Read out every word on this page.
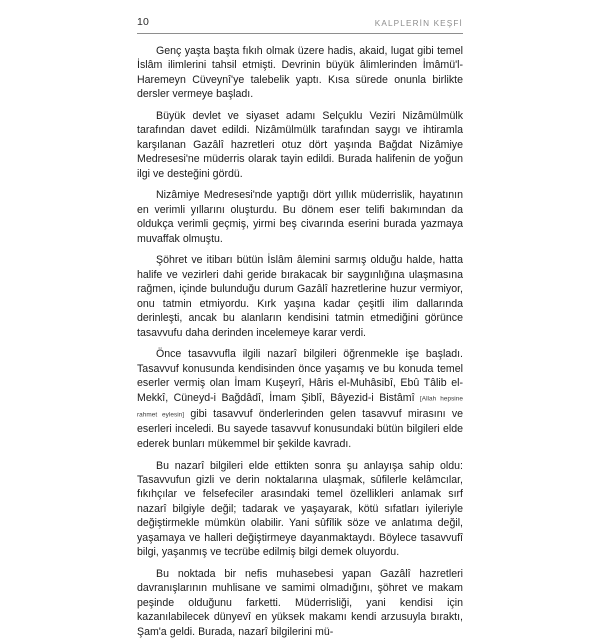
10	KALPLERİN KEŞFİ

Genç yaşta başta fıkıh olmak üzere hadis, akaid, lugat gibi temel İslâm ilimlerini tahsil etmişti. Devrinin büyük âlimlerinden İmâmü'l-Haremeyn Cüveynî'ye talebelik yaptı. Kısa sürede onunla birlikte dersler vermeye başladı.

Büyük devlet ve siyaset adamı Selçuklu Veziri Nizâmülmülk tarafından davet edildi. Nizâmülmülk tarafından saygı ve ihtiramla karşılanan Gazâlî hazretleri otuz dört yaşında Bağdat Nizâmiye Medresesi'ne müderris olarak tayin edildi. Burada halifenin de yoğun ilgi ve desteğini gördü.

Nizâmiye Medresesi'nde yaptığı dört yıllık müderrislik, hayatının en verimli yıllarını oluşturdu. Bu dönem eser telifi bakımından da oldukça verimli geçmiş, yirmi beş civarında eserini burada yazmaya muvaffak olmuştu.

Şöhret ve itibarı bütün İslâm âlemini sarmış olduğu halde, hatta halife ve vezirleri dahi geride bırakacak bir saygınlığına ulaşmasına rağmen, içinde bulunduğu durum Gazâlî hazretlerine huzur vermiyor, onu tatmin etmiyordu. Kırk yaşına kadar çeşitli ilim dallarında derinleşti, ancak bu alanların kendisini tatmin etmediğini görünce tasavvufu daha derinden incelemeye karar verdi.

Önce tasavvufla ilgili nazarî bilgileri öğrenmekle işe başladı. Tasavvuf konusunda kendisinden önce yaşamış ve bu konuda temel eserler vermiş olan İmam Kuşeyrî, Hâris el-Muhâsibî, Ebû Tâlib el-Mekkî, Cüneyd-i Bağdâdî, İmam Şiblî, Bâyezid-i Bistâmî [Allah hepsine rahmet eylesin] gibi tasavvuf önderlerinden gelen tasavvuf mirasını ve eserleri inceledi. Bu sayede tasavvuf konusundaki bütün bilgileri elde ederek bunları mükemmel bir şekilde kavradı.

Bu nazarî bilgileri elde ettikten sonra şu anlayışa sahip oldu: Tasavvufun gizli ve derin noktalarına ulaşmak, sûfilerle kelâmcılar, fıkıhçılar ve felsefeciler arasındaki temel özellikleri anlamak sırf nazarî bilgiyle değil; tadarak ve yaşayarak, kötü sıfatları iyileriyle değiştirmekle mümkün olabilir. Yani sûfîlik söze ve anlatıma değil, yaşamaya ve halleri değiştirmeye dayanmaktaydı. Böylece tasavvufî bilgi, yaşanmış ve tecrübe edilmiş bilgi demek oluyordu.

Bu noktada bir nefis muhasebesi yapan Gazâlî hazretleri davranışlarının muhlisane ve samimi olmadığını, şöhret ve makam peşinde olduğunu farketti. Müderrisliği, yani kendisi için kazanılabilecek dünyevî en yüksek makamı kendi arzusuyla bıraktı, Şam'a geldi. Burada, nazarî bilgilerini mü-
